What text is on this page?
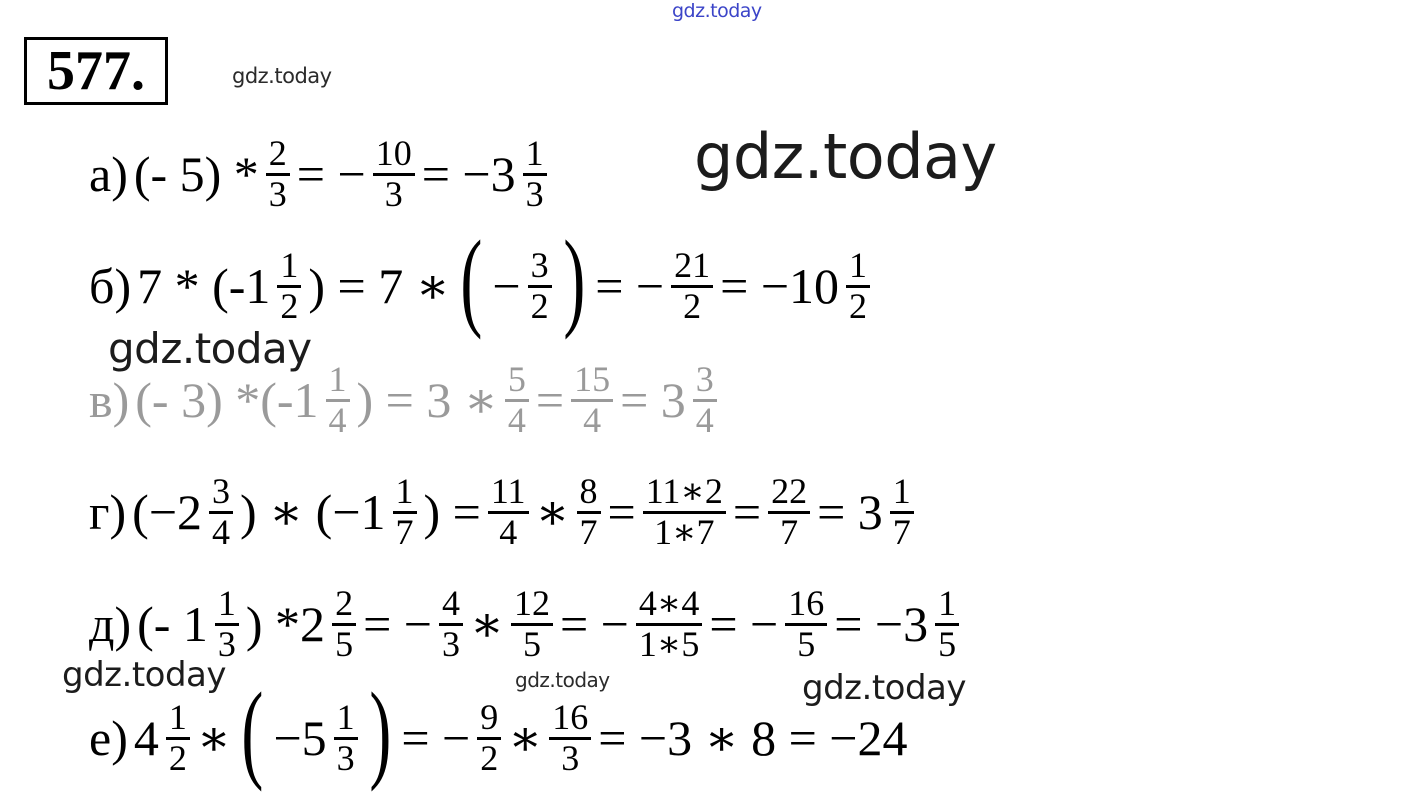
gdz.today
gdz.today
gdz.today
gdz.today
gdz.today	gdz.today	gdz.today
577.
а) (- $5) * \frac{2}{3}$ = − $\frac{10}{3} = -3 \frac{1}{3}$
б) $7 * (-1 \frac{1}{2}$ ) = 7 ∗ ( − $\frac{3}{2}$ ) = − $\frac{21}{2} = -10 \frac{1}{2}$
в) (- 3) $*(-1 \frac{1}{4}$ ) = 3 ∗ $\frac{5}{4} = \frac{15}{4} = 3 \frac{3}{4}$
г) ($-2 \frac{3}{4}$ ) ∗ ($-1 \frac{1}{7}$ ) = $\frac{11}{4}$ ∗ $\frac{8}{7} = \frac{11∗2}{1∗7} = \frac{22}{7} = 3 \frac{1}{7}$
д) (- $1 \frac{1}{3}$ ) $*2 \frac{2}{5}$ = − $\frac{4}{3}$ ∗ $\frac{12}{5}$ = − $\frac{4∗4}{1∗5}$ = − $\frac{16}{5} = -3 \frac{1}{5}$
е) $4 \frac{1}{2}$ ∗ ( $-5 \frac{1}{3}$ ) = − $\frac{9}{2}$ ∗ $\frac{16}{3} = -3$ ∗ 8 = −24
